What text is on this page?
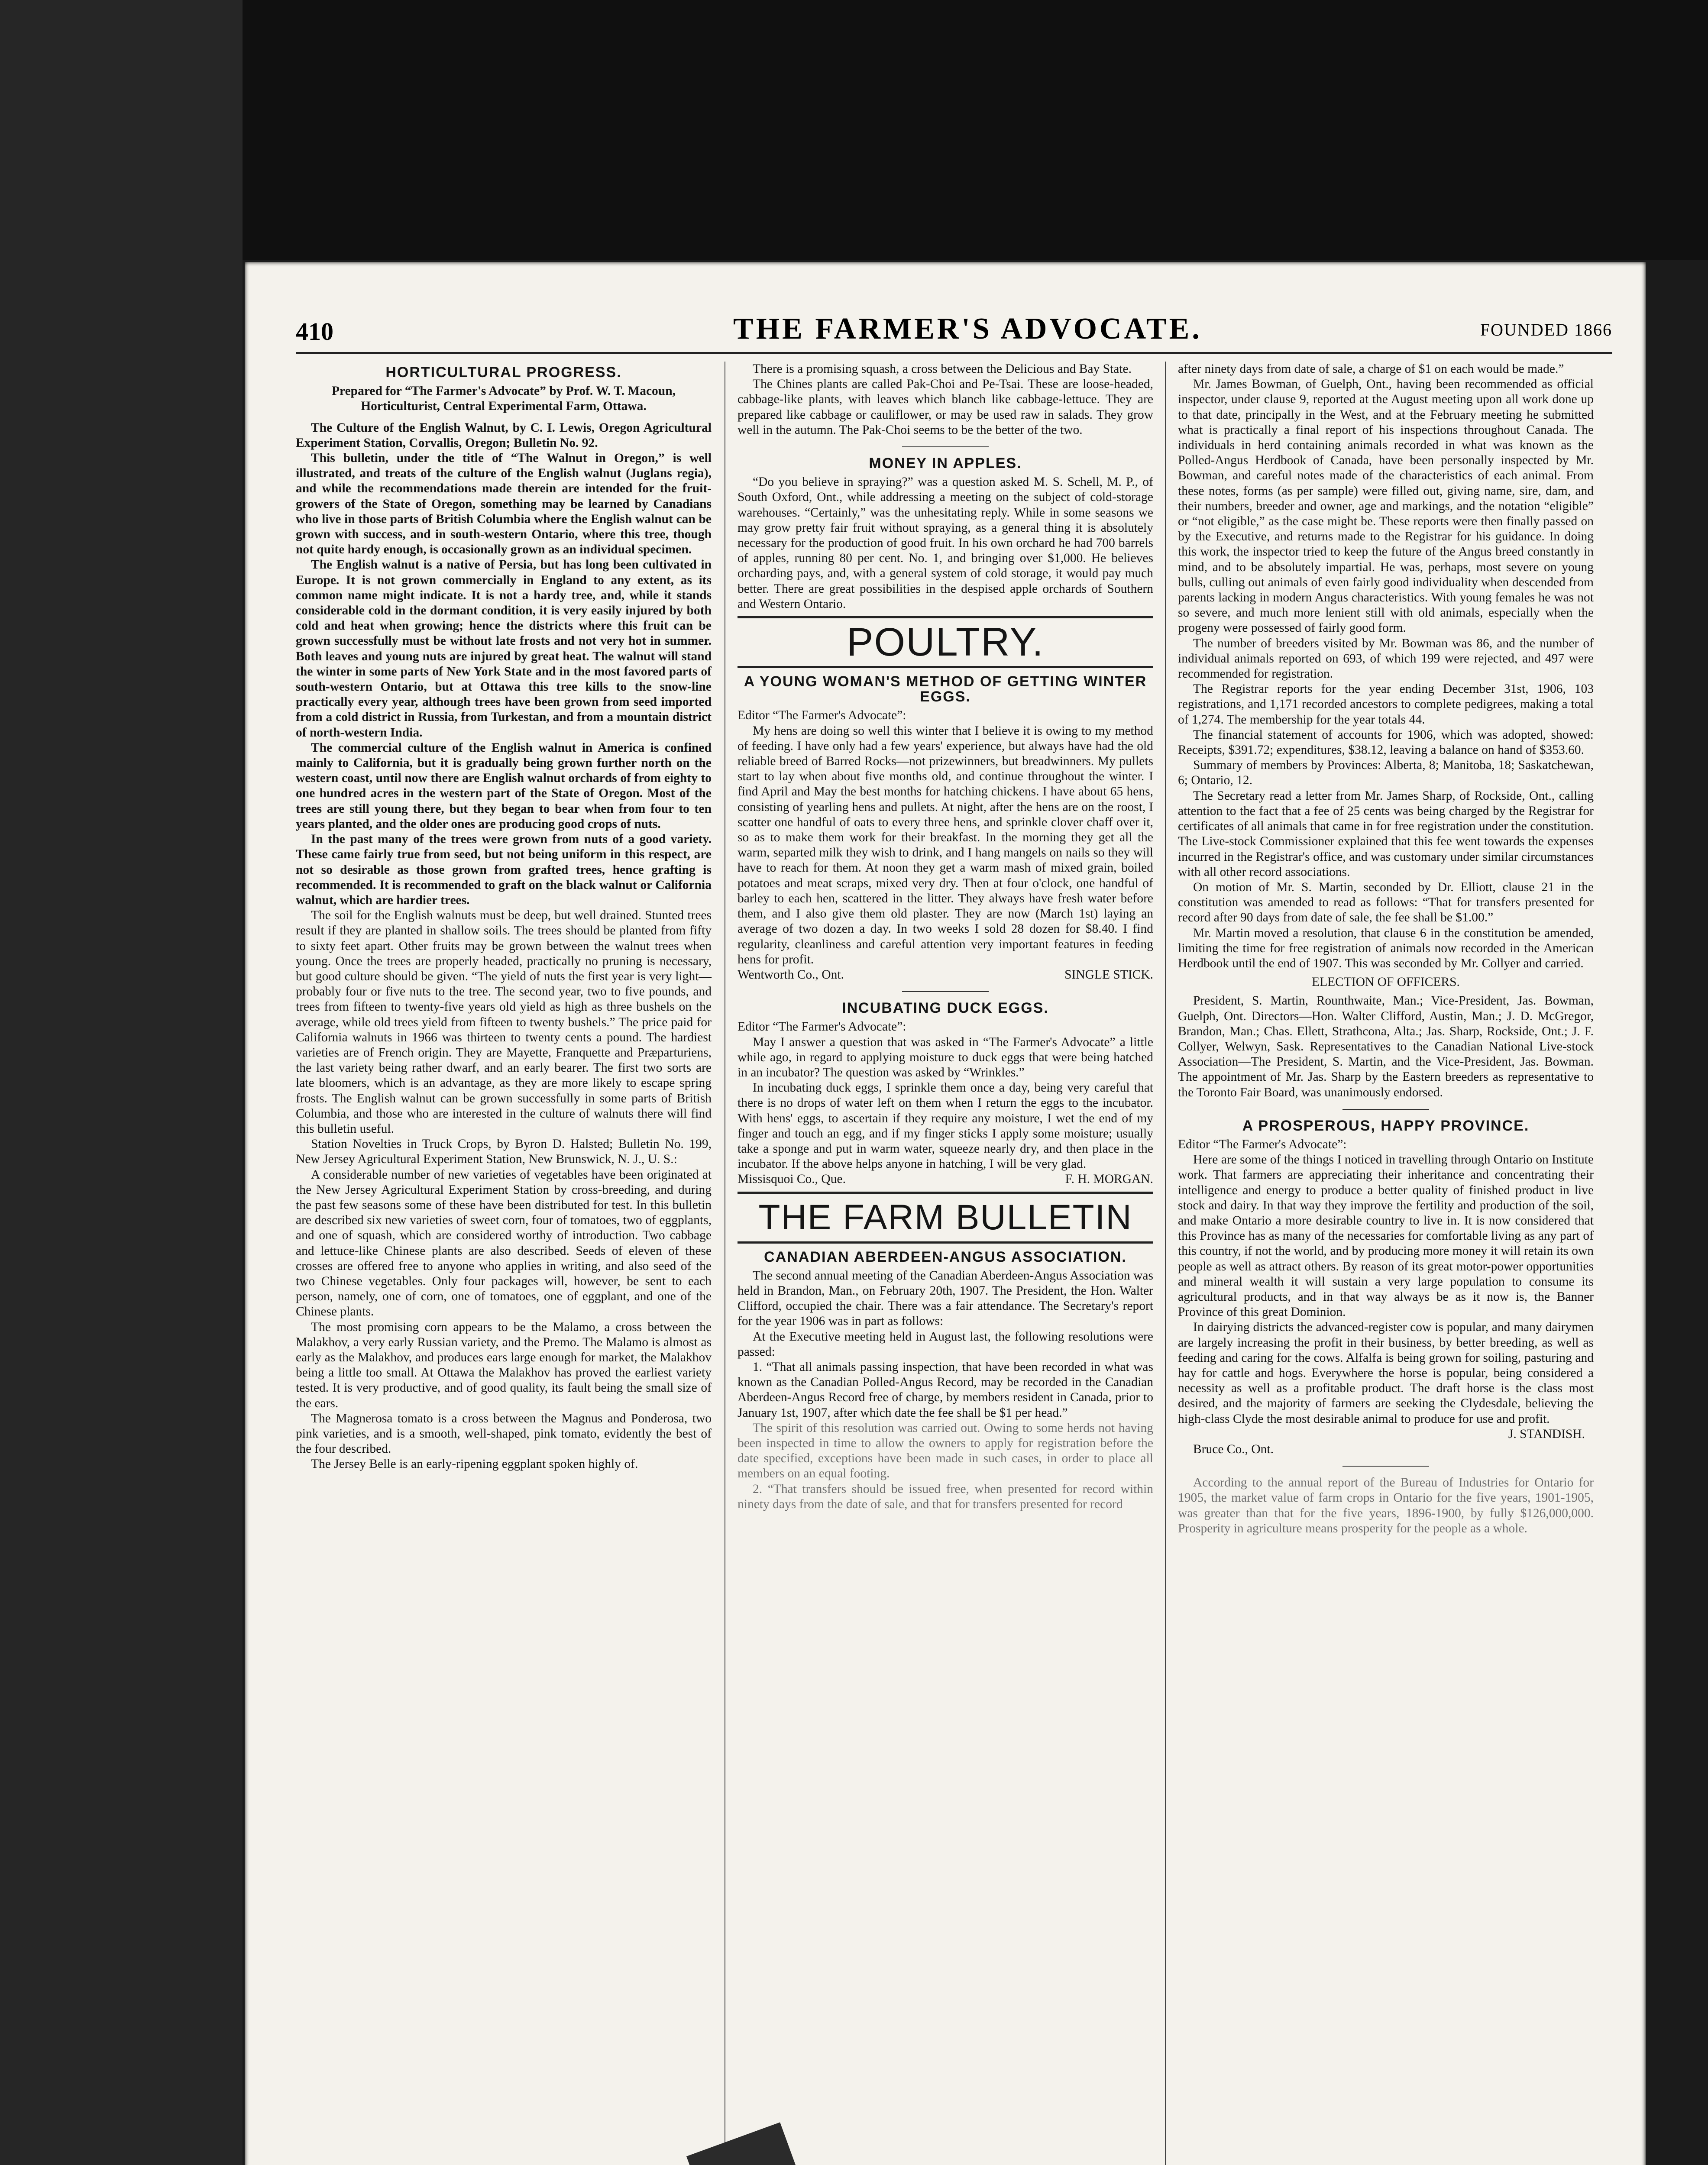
410	THE FARMER'S ADVOCATE.	FOUNDED 1866
HORTICULTURAL PROGRESS.

Prepared for “The Farmer's Advocate” by Prof. W. T. Macoun, Horticulturist, Central Experimental Farm, Ottawa.

The Culture of the English Walnut, by C. I. Lewis, Oregon Agricultural Experiment Station, Corvallis, Oregon; Bulletin No. 92.

This bulletin, under the title of “The Walnut in Oregon,” is well illustrated, and treats of the culture of the English walnut (Juglans regia), and while the recommendations made therein are intended for the fruit-growers of the State of Oregon, something may be learned by Canadians who live in those parts of British Columbia where the English walnut can be grown with success, and in south-western Ontario, where this tree, though not quite hardy enough, is occasionally grown as an individual specimen.

The English walnut is a native of Persia, but has long been cultivated in Europe. It is not grown commercially in England to any extent, as its common name might indicate. It is not a hardy tree, and, while it stands considerable cold in the dormant condition, it is very easily injured by both cold and heat when growing; hence the districts where this fruit can be grown successfully must be without late frosts and not very hot in summer. Both leaves and young nuts are injured by great heat. The walnut will stand the winter in some parts of New York State and in the most favored parts of south-western Ontario, but at Ottawa this tree kills to the snow-line practically every year, although trees have been grown from seed imported from a cold district in Russia, from Turkestan, and from a mountain district of north-western India.

The commercial culture of the English walnut in America is confined mainly to California, but it is gradually being grown further north on the western coast, until now there are English walnut orchards of from eighty to one hundred acres in the western part of the State of Oregon. Most of the trees are still young there, but they began to bear when from four to ten years planted, and the older ones are producing good crops of nuts.

In the past many of the trees were grown from nuts of a good variety. These came fairly true from seed, but not being uniform in this respect, are not so desirable as those grown from grafted trees, hence grafting is recommended. It is recommended to graft on the black walnut or California walnut, which are hardier trees.

The soil for the English walnuts must be deep, but well drained. Stunted trees result if they are planted in shallow soils. The trees should be planted from fifty to sixty feet apart. Other fruits may be grown between the walnut trees when young. Once the trees are properly headed, practically no pruning is necessary, but good culture should be given. “The yield of nuts the first year is very light—probably four or five nuts to the tree. The second year, two to five pounds, and trees from fifteen to twenty-five years old yield as high as three bushels on the average, while old trees yield from fifteen to twenty bushels.” The price paid for California walnuts in 1966 was thirteen to twenty cents a pound. The hardiest varieties are of French origin. They are Mayette, Franquette and Præparturiens, the last variety being rather dwarf, and an early bearer. The first two sorts are late bloomers, which is an advantage, as they are more likely to escape spring frosts. The English walnut can be grown successfully in some parts of British Columbia, and those who are interested in the culture of walnuts there will find this bulletin useful.

Station Novelties in Truck Crops, by Byron D. Halsted; Bulletin No. 199, New Jersey Agricultural Experiment Station, New Brunswick, N. J., U. S.:

A considerable number of new varieties of vegetables have been originated at the New Jersey Agricultural Experiment Station by cross-breeding, and during the past few seasons some of these have been distributed for test. In this bulletin are described six new varieties of sweet corn, four of tomatoes, two of eggplants, and one of squash, which are considered worthy of introduction. Two cabbage and lettuce-like Chinese plants are also described. Seeds of eleven of these crosses are offered free to anyone who applies in writing, and also seed of the two Chinese vegetables. Only four packages will, however, be sent to each person, namely, one of corn, one of tomatoes, one of eggplant, and one of the Chinese plants.

The most promising corn appears to be the Malamo, a cross between the Malakhov, a very early Russian variety, and the Premo. The Malamo is almost as early as the Malakhov, and produces ears large enough for market, the Malakhov being a little too small. At Ottawa the Malakhov has proved the earliest variety tested. It is very productive, and of good quality, its fault being the small size of the ears.

The Magnerosa tomato is a cross between the Magnus and Ponderosa, two pink varieties, and is a smooth, well-shaped, pink tomato, evidently the best of the four described.

The Jersey Belle is an early-ripening eggplant spoken highly of.

There is a promising squash, a cross between the Delicious and Bay State.

The Chines plants are called Pak-Choi and Pe-Tsai. These are loose-headed, cabbage-like plants, with leaves which blanch like cabbage-lettuce. They are prepared like cabbage or cauliflower, or may be used raw in salads. They grow well in the autumn. The Pak-Choi seems to be the better of the two.

MONEY IN APPLES.

“Do you believe in spraying?” was a question asked M. S. Schell, M. P., of South Oxford, Ont., while addressing a meeting on the subject of cold-storage warehouses. “Certainly,” was the unhesitating reply. While in some seasons we may grow pretty fair fruit without spraying, as a general thing it is absolutely necessary for the production of good fruit. In his own orchard he had 700 barrels of apples, running 80 per cent. No. 1, and bringing over $1,000. He believes orcharding pays, and, with a general system of cold storage, it would pay much better. There are great possibilities in the despised apple orchards of Southern and Western Ontario.

POULTRY.
A YOUNG WOMAN'S METHOD OF GETTING WINTER EGGS.

Editor “The Farmer's Advocate”:

My hens are doing so well this winter that I believe it is owing to my method of feeding. I have only had a few years' experience, but always have had the old reliable breed of Barred Rocks—not prizewinners, but breadwinners. My pullets start to lay when about five months old, and continue throughout the winter. I find April and May the best months for hatching chickens. I have about 65 hens, consisting of yearling hens and pullets. At night, after the hens are on the roost, I scatter one handful of oats to every three hens, and sprinkle clover chaff over it, so as to make them work for their breakfast. In the morning they get all the warm, separted milk they wish to drink, and I hang mangels on nails so they will have to reach for them. At noon they get a warm mash of mixed grain, boiled potatoes and meat scraps, mixed very dry. Then at four o'clock, one handful of barley to each hen, scattered in the litter. They always have fresh water before them, and I also give them old plaster. They are now (March 1st) laying an average of two dozen a day. In two weeks I sold 28 dozen for $8.40. I find regularity, cleanliness and careful attention very important features in feeding hens for profit.

Wentworth Co., Ont.	SINGLE STICK.
INCUBATING DUCK EGGS.

Editor “The Farmer's Advocate”:

May I answer a question that was asked in “The Farmer's Advocate” a little while ago, in regard to applying moisture to duck eggs that were being hatched in an incubator? The question was asked by “Wrinkles.”

In incubating duck eggs, I sprinkle them once a day, being very careful that there is no drops of water left on them when I return the eggs to the incubator. With hens' eggs, to ascertain if they require any moisture, I wet the end of my finger and touch an egg, and if my finger sticks I apply some moisture; usually take a sponge and put in warm water, squeeze nearly dry, and then place in the incubator. If the above helps anyone in hatching, I will be very glad.

Missisquoi Co., Que.	F. H. MORGAN.
THE FARM BULLETIN
CANADIAN ABERDEEN-ANGUS ASSOCIATION.

The second annual meeting of the Canadian Aberdeen-Angus Association was held in Brandon, Man., on February 20th, 1907. The President, the Hon. Walter Clifford, occupied the chair. There was a fair attendance. The Secretary's report for the year 1906 was in part as follows:

At the Executive meeting held in August last, the following resolutions were passed:

1. “That all animals passing inspection, that have been recorded in what was known as the Canadian Polled-Angus Record, may be recorded in the Canadian Aberdeen-Angus Record free of charge, by members resident in Canada, prior to January 1st, 1907, after which date the fee shall be $1 per head.”

The spirit of this resolution was carried out. Owing to some herds not having been inspected in time to allow the owners to apply for registration before the date specified, exceptions have been made in such cases, in order to place all members on an equal footing.

2. “That transfers should be issued free, when presented for record within ninety days from the date of sale, and that for transfers presented for record

after ninety days from date of sale, a charge of $1 on each would be made.”

Mr. James Bowman, of Guelph, Ont., having been recommended as official inspector, under clause 9, reported at the August meeting upon all work done up to that date, principally in the West, and at the February meeting he submitted what is practically a final report of his inspections throughout Canada. The individuals in herd containing animals recorded in what was known as the Polled-Angus Herdbook of Canada, have been personally inspected by Mr. Bowman, and careful notes made of the characteristics of each animal. From these notes, forms (as per sample) were filled out, giving name, sire, dam, and their numbers, breeder and owner, age and markings, and the notation “eligible” or “not eligible,” as the case might be. These reports were then finally passed on by the Executive, and returns made to the Registrar for his guidance. In doing this work, the inspector tried to keep the future of the Angus breed constantly in mind, and to be absolutely impartial. He was, perhaps, most severe on young bulls, culling out animals of even fairly good individuality when descended from parents lacking in modern Angus characteristics. With young females he was not so severe, and much more lenient still with old animals, especially when the progeny were possessed of fairly good form.

The number of breeders visited by Mr. Bowman was 86, and the number of individual animals reported on 693, of which 199 were rejected, and 497 were recommended for registration.

The Registrar reports for the year ending December 31st, 1906, 103 registrations, and 1,171 recorded ancestors to complete pedigrees, making a total of 1,274. The membership for the year totals 44.

The financial statement of accounts for 1906, which was adopted, showed: Receipts, $391.72; expenditures, $38.12, leaving a balance on hand of $353.60.

Summary of members by Provinces: Alberta, 8; Manitoba, 18; Saskatchewan, 6; Ontario, 12.

The Secretary read a letter from Mr. James Sharp, of Rockside, Ont., calling attention to the fact that a fee of 25 cents was being charged by the Registrar for certificates of all animals that came in for free registration under the constitution. The Live-stock Commissioner explained that this fee went towards the expenses incurred in the Registrar's office, and was customary under similar circumstances with all other record associations.

On motion of Mr. S. Martin, seconded by Dr. Elliott, clause 21 in the constitution was amended to read as follows: “That for transfers presented for record after 90 days from date of sale, the fee shall be $1.00.”

Mr. Martin moved a resolution, that clause 6 in the constitution be amended, limiting the time for free registration of animals now recorded in the American Herdbook until the end of 1907. This was seconded by Mr. Collyer and carried.

ELECTION OF OFFICERS.

President, S. Martin, Rounthwaite, Man.; Vice-President, Jas. Bowman, Guelph, Ont. Directors—Hon. Walter Clifford, Austin, Man.; J. D. McGregor, Brandon, Man.; Chas. Ellett, Strathcona, Alta.; Jas. Sharp, Rockside, Ont.; J. F. Collyer, Welwyn, Sask. Representatives to the Canadian National Live-stock Association—The President, S. Martin, and the Vice-President, Jas. Bowman. The appointment of Mr. Jas. Sharp by the Eastern breeders as representative to the Toronto Fair Board, was unanimously endorsed.

A PROSPEROUS, HAPPY PROVINCE.

Editor “The Farmer's Advocate”:

Here are some of the things I noticed in travelling through Ontario on Institute work. That farmers are appreciating their inheritance and concentrating their intelligence and energy to produce a better quality of finished product in live stock and dairy. In that way they improve the fertility and production of the soil, and make Ontario a more desirable country to live in. It is now considered that this Province has as many of the necessaries for comfortable living as any part of this country, if not the world, and by producing more money it will retain its own people as well as attract others. By reason of its great motor-power opportunities and mineral wealth it will sustain a very large population to consume its agricultural products, and in that way always be as it now is, the Banner Province of this great Dominion.

In dairying districts the advanced-register cow is popular, and many dairymen are largely increasing the profit in their business, by better breeding, as well as feeding and caring for the cows. Alfalfa is being grown for soiling, pasturing and hay for cattle and hogs. Everywhere the horse is popular, being considered a necessity as well as a profitable product. The draft horse is the class most desired, and the majority of farmers are seeking the Clydesdale, believing the high-class Clyde the most desirable animal to produce for use and profit.

J. STANDISH.

Bruce Co., Ont.

According to the annual report of the Bureau of Industries for Ontario for 1905, the market value of farm crops in Ontario for the five years, 1901-1905, was greater than that for the five years, 1896-1900, by fully $126,000,000. Prosperity in agriculture means prosperity for the people as a whole.
